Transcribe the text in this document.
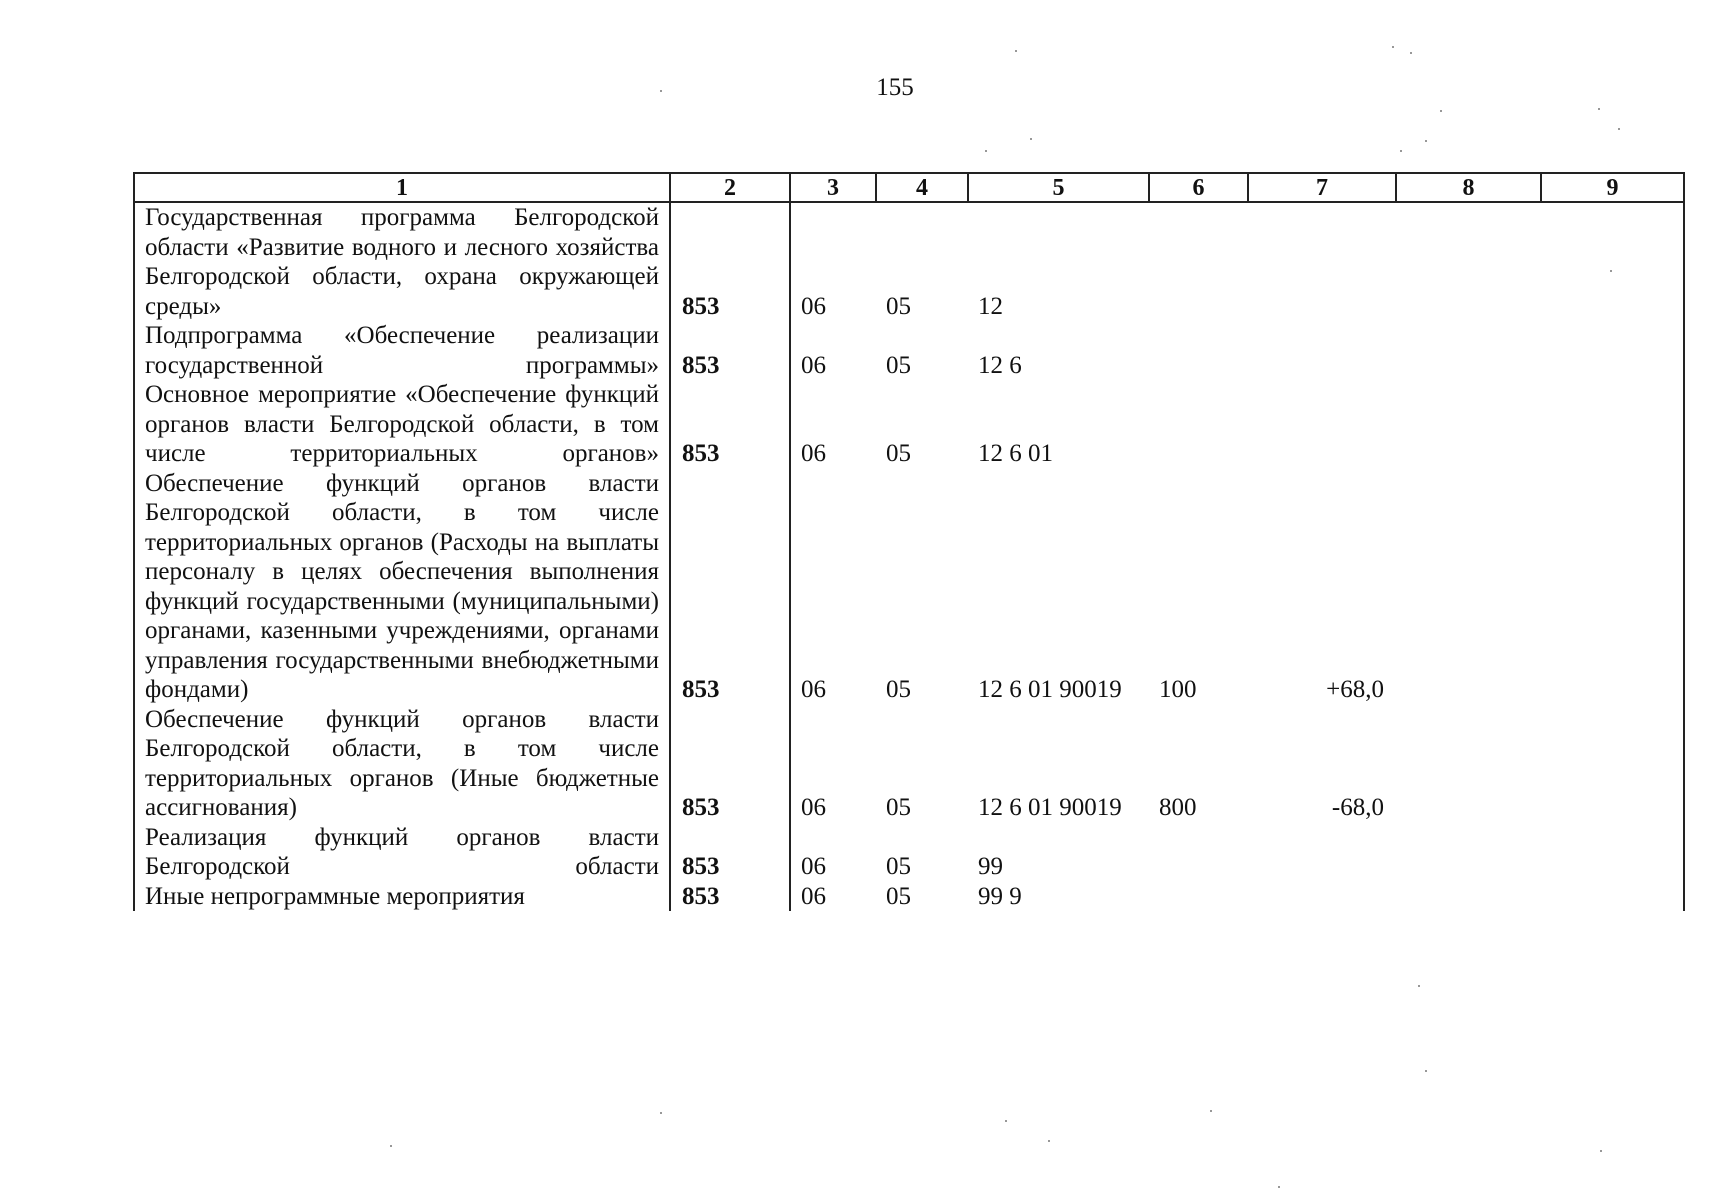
155
1	2	3	4	5	6	7	8	9
Государственная программа Белгородской области «Развитие водного и лесного хозяйства Белгородской области, охрана окружающей среды»	853	06	05	12				
Подпрограмма «Обеспечение реализации государственной программы»	853	06	05	12 6				
Основное мероприятие «Обеспечение функций органов власти Белгородской области, в том числе территориальных органов»	853	06	05	12 6 01				
Обеспечение функций органов власти Белгородской области, в том числе территориальных органов (Расходы на выплаты персоналу в целях обеспечения выполнения функций государственными (муниципальными) органами, казенными учреждениями, органами управления государственными внебюджетными фондами)	853	06	05	12 6 01 90019	100	+68,0		
Обеспечение функций органов власти Белгородской области, в том числе территориальных органов (Иные бюджетные ассигнования)	853	06	05	12 6 01 90019	800	-68,0		
Реализация функций органов власти Белгородской области	853	06	05	99				
Иные непрограммные мероприятия	853	06	05	99 9				
